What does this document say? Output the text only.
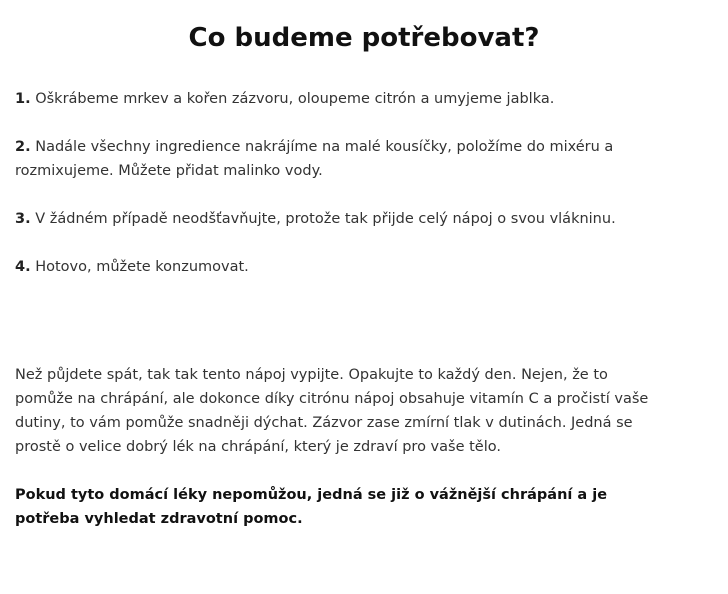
Co budeme potřebovat?

1. Oškrábeme mrkev a kořen zázvoru, oloupeme citrón a umyjeme jablka.

2. Nadále všechny ingredience nakrájíme na malé kousíčky, položíme do mixéru a rozmixujeme. Můžete přidat malinko vody.

3. V žádném případě neodšťavňujte, protože tak přijde celý nápoj o svou vlákninu.

4. Hotovo, můžete konzumovat.

Než půjdete spát, tak tak tento nápoj vypijte. Opakujte to každý den. Nejen, že to pomůže na chrápání, ale dokonce díky citrónu nápoj obsahuje vitamín C a pročistí vaše dutiny, to vám pomůže snadněji dýchat. Zázvor zase zmírní tlak v dutinách. Jedná se prostě o velice dobrý lék na chrápání, který je zdraví pro vaše tělo.

Pokud tyto domácí léky nepomůžou, jedná se již o vážnější chrápání a je potřeba vyhledat zdravotní pomoc.
